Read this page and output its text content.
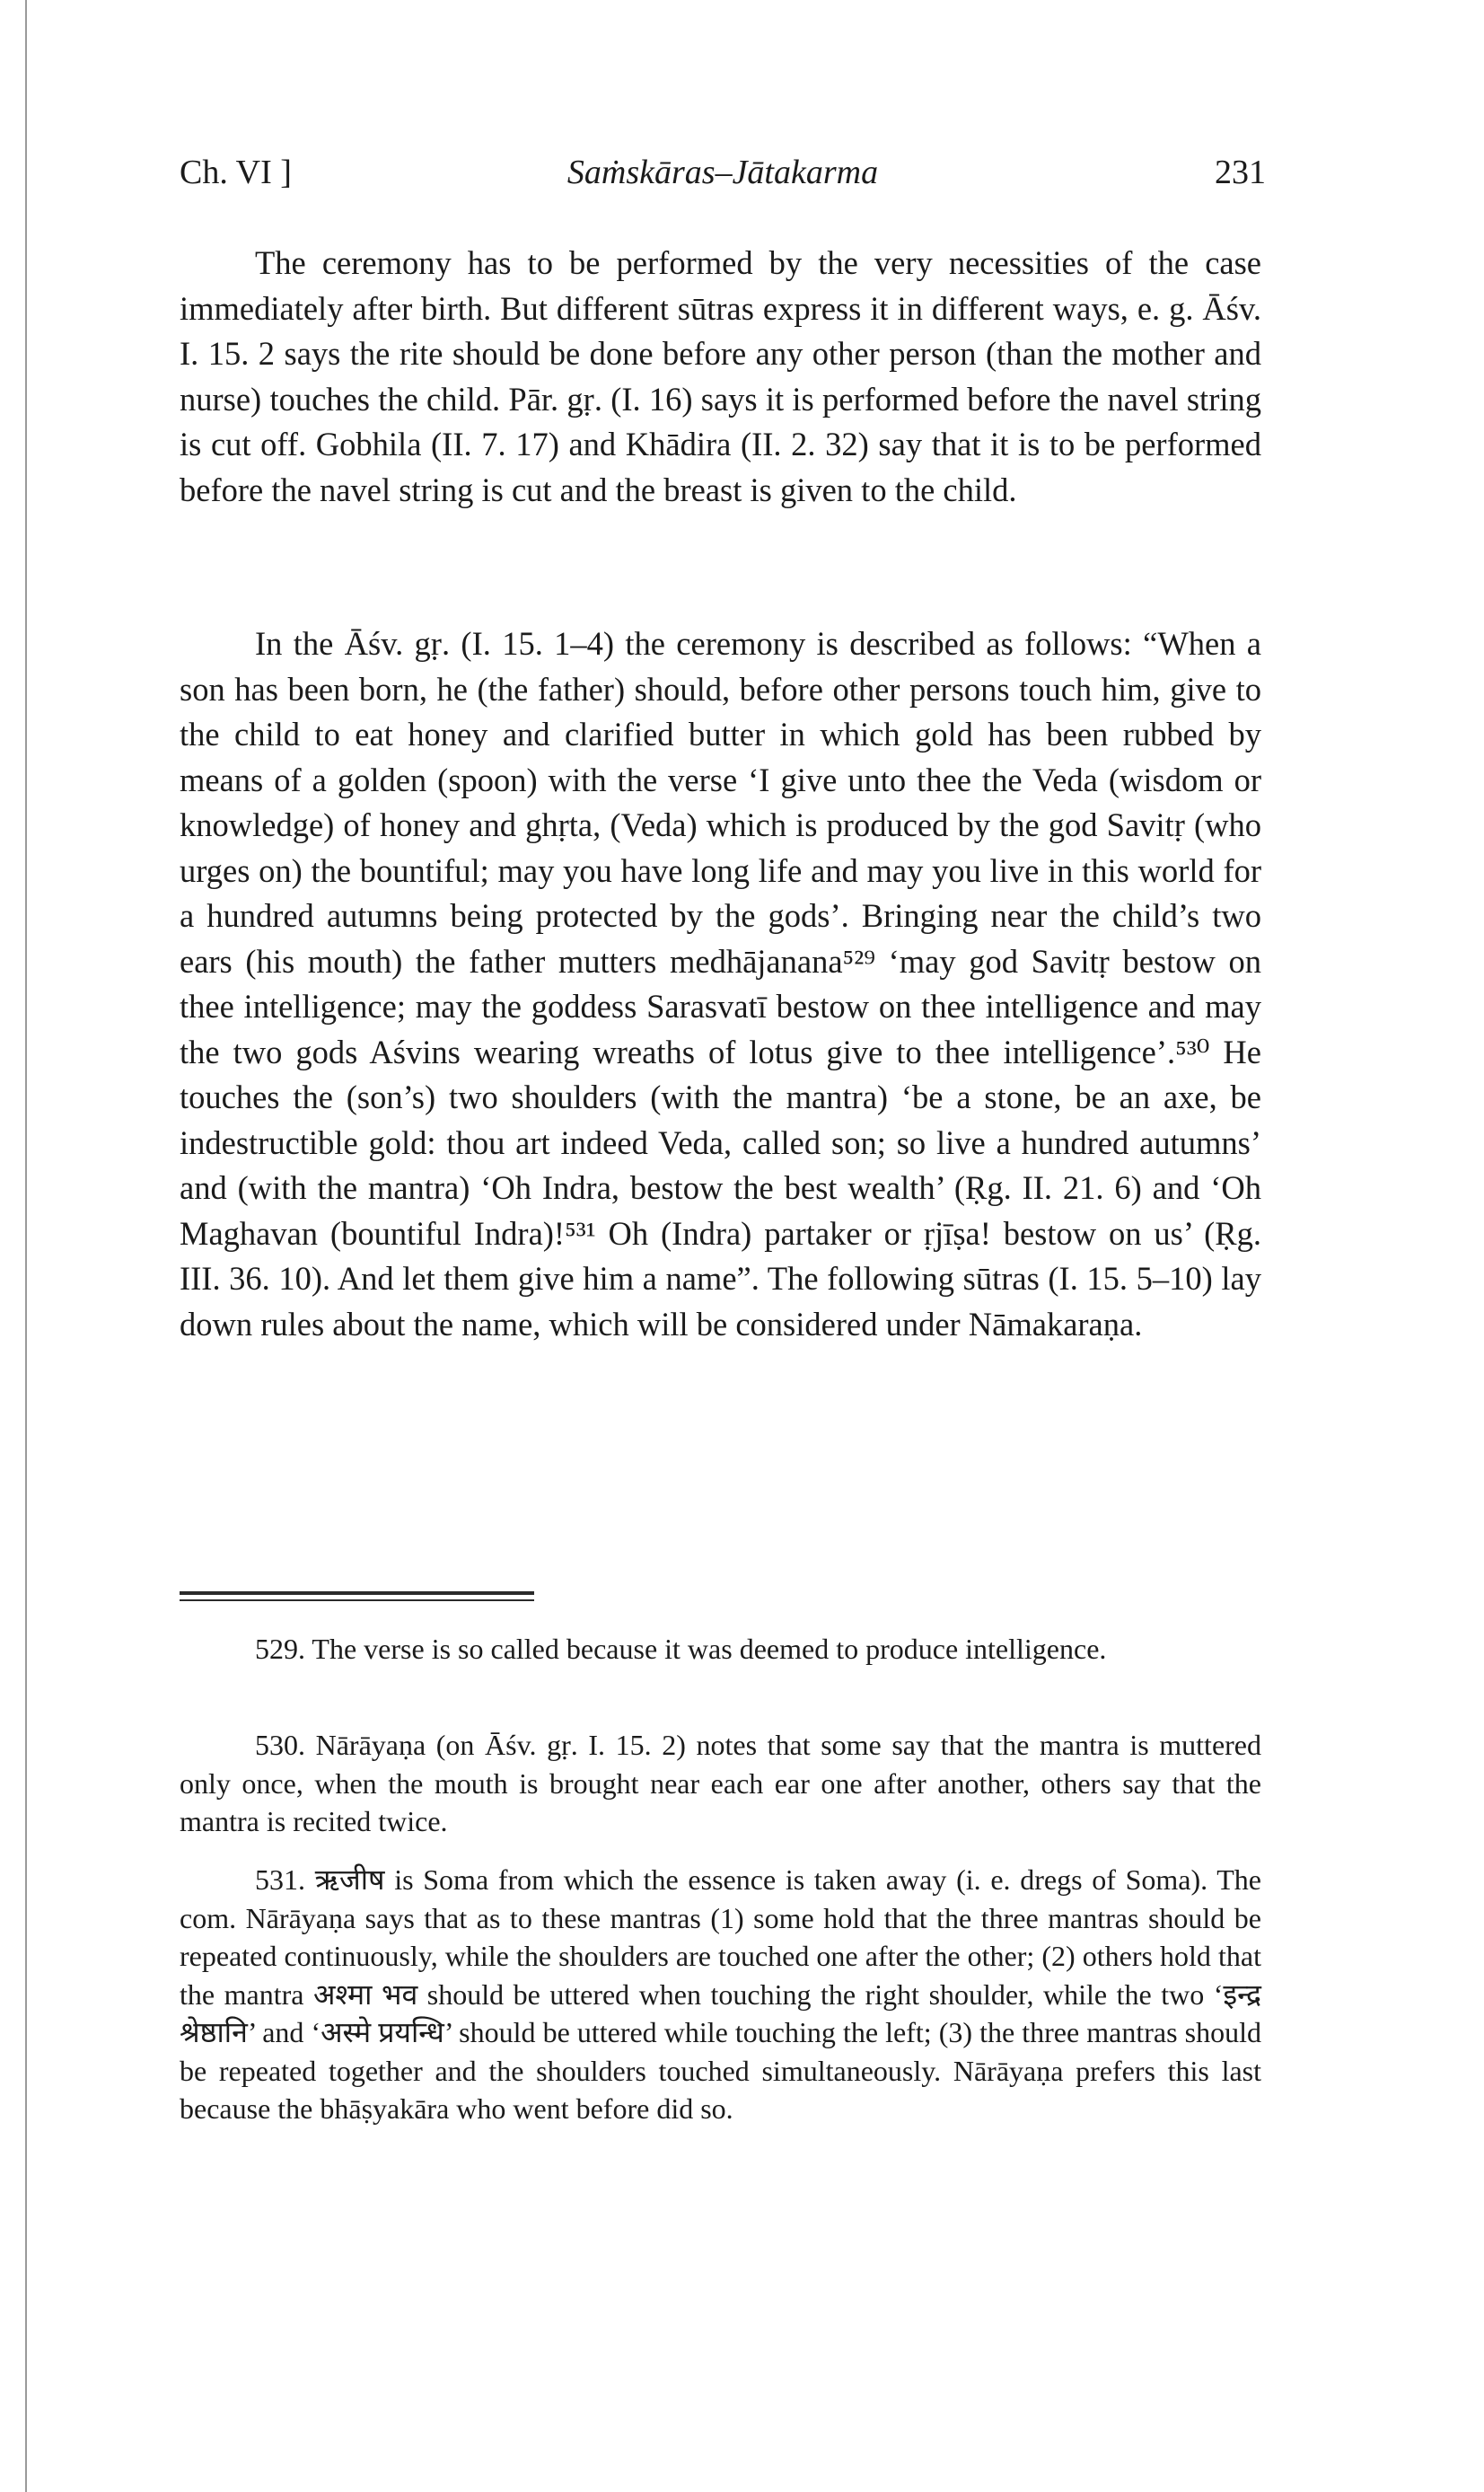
Ch. VI ]	Saṁskāras–Jātakarma	231

The ceremony has to be performed by the very necessities of the case immediately after birth. But different sūtras express it in different ways, e. g. Āśv. I. 15. 2 says the rite should be done before any other person (than the mother and nurse) touches the child. Pār. gṛ. (I. 16) says it is performed before the navel string is cut off. Gobhila (II. 7. 17) and Khādira (II. 2. 32) say that it is to be performed before the navel string is cut and the breast is given to the child.

In the Āśv. gṛ. (I. 15. 1–4) the ceremony is described as follows: “When a son has been born, he (the father) should, before other persons touch him, give to the child to eat honey and clarified butter in which gold has been rubbed by means of a golden (spoon) with the verse ‘I give unto thee the Veda (wisdom or knowledge) of honey and ghṛta, (Veda) which is produced by the god Savitṛ (who urges on) the bountiful; may you have long life and may you live in this world for a hundred autumns being protected by the gods’. Bringing near the child’s two ears (his mouth) the father mutters medhājanana⁵²⁹ ‘may god Savitṛ bestow on thee intelligence; may the goddess Sarasvatī bestow on thee intelligence and may the two gods Aśvins wearing wreaths of lotus give to thee intelligence’.⁵³⁰ He touches the (son’s) two shoulders (with the mantra) ‘be a stone, be an axe, be indestructible gold: thou art indeed Veda, called son; so live a hundred autumns’ and (with the mantra) ‘Oh Indra, bestow the best wealth’ (Ṛg. II. 21. 6) and ‘Oh Maghavan (bountiful Indra)!⁵³¹ Oh (Indra) partaker or ṛjīṣa! bestow on us’ (Ṛg. III. 36. 10). And let them give him a name”. The following sūtras (I. 15. 5–10) lay down rules about the name, which will be considered under Nāmakaraṇa.

529. The verse is so called because it was deemed to produce intelligence.

530. Nārāyaṇa (on Āśv. gṛ. I. 15. 2) notes that some say that the mantra is muttered only once, when the mouth is brought near each ear one after another, others say that the mantra is recited twice.

531. ऋजीष is Soma from which the essence is taken away (i. e. dregs of Soma). The com. Nārāyaṇa says that as to these mantras (1) some hold that the three mantras should be repeated continuously, while the shoulders are touched one after the other; (2) others hold that the mantra अश्मा भव should be uttered when touching the right shoulder, while the two ‘इन्द्र श्रेष्ठानि’ and ‘अस्मे प्रयन्धि’ should be uttered while touching the left; (3) the three mantras should be repeated together and the shoulders touched simultaneously. Nārāyaṇa prefers this last because the bhāṣyakāra who went before did so.
